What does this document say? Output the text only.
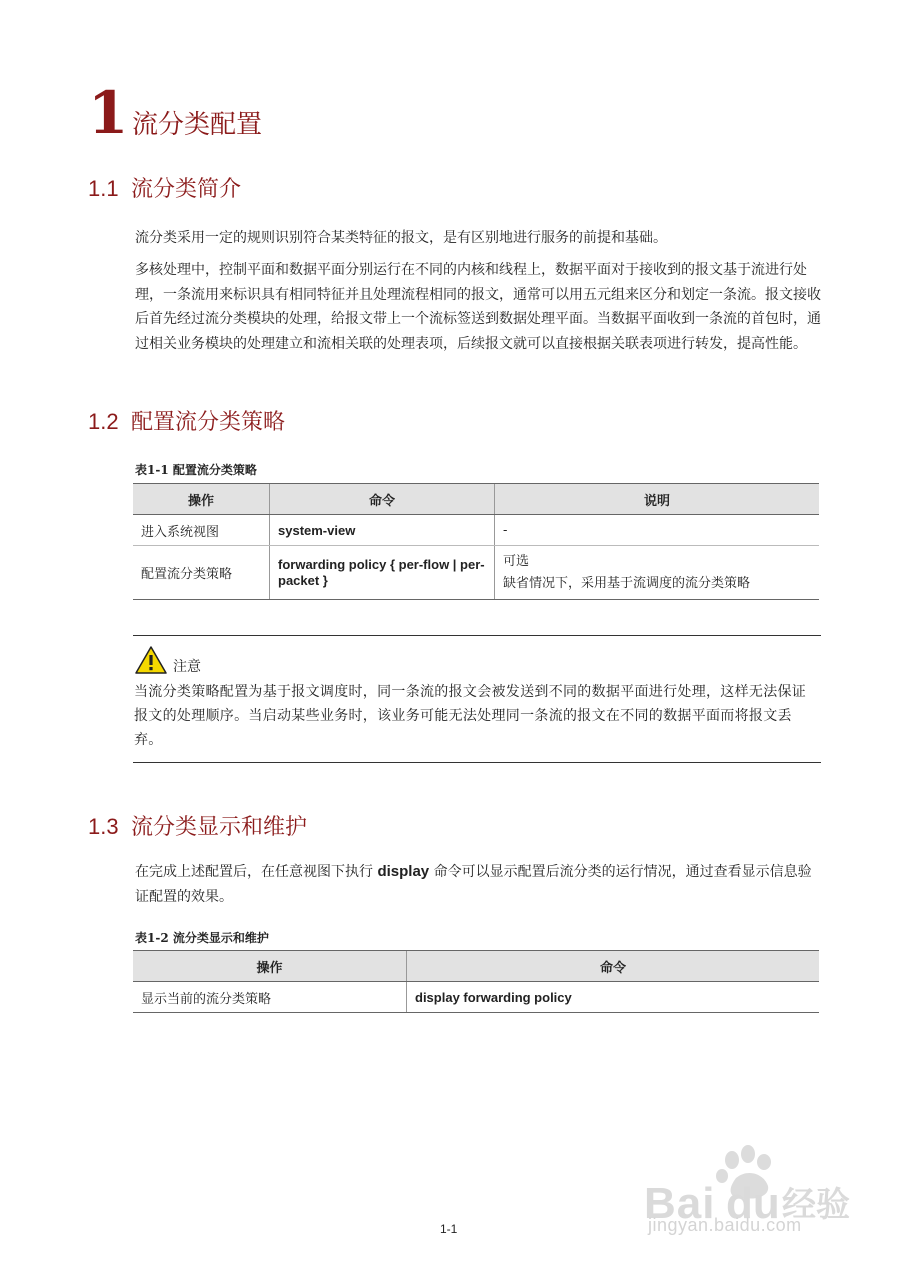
1 流分类配置
1.1 流分类简介

流分类采用一定的规则识别符合某类特征的报文，是有区别地进行服务的前提和基础。

多核处理中，控制平面和数据平面分别运行在不同的内核和线程上，数据平面对于接收到的报文基于流进行处理，一条流用来标识具有相同特征并且处理流程相同的报文，通常可以用五元组来区分和划定一条流。报文接收后首先经过流分类模块的处理，给报文带上一个流标签送到数据处理平面。当数据平面收到一条流的首包时，通过相关业务模块的处理建立和流相关联的处理表项，后续报文就可以直接根据关联表项进行转发，提高性能。

1.2 配置流分类策略
表1-1 配置流分类策略
操作	命令	说明
进入系统视图	system-view	-
配置流分类策略	forwarding policy { per-flow | per-packet }	可选
缺省情况下，采用基于流调度的流分类策略
注意

当流分类策略配置为基于报文调度时，同一条流的报文会被发送到不同的数据平面进行处理，这样无法保证报文的处理顺序。当启动某些业务时，该业务可能无法处理同一条流的报文在不同的数据平面而将报文丢弃。

1.3 流分类显示和维护

在完成上述配置后，在任意视图下执行 display 命令可以显示配置后流分类的运行情况，通过查看显示信息验证配置的效果。

表1-2 流分类显示和维护
操作	命令
显示当前的流分类策略	display forwarding policy
1-1
Bai du 经验
jingyan.baidu.com
